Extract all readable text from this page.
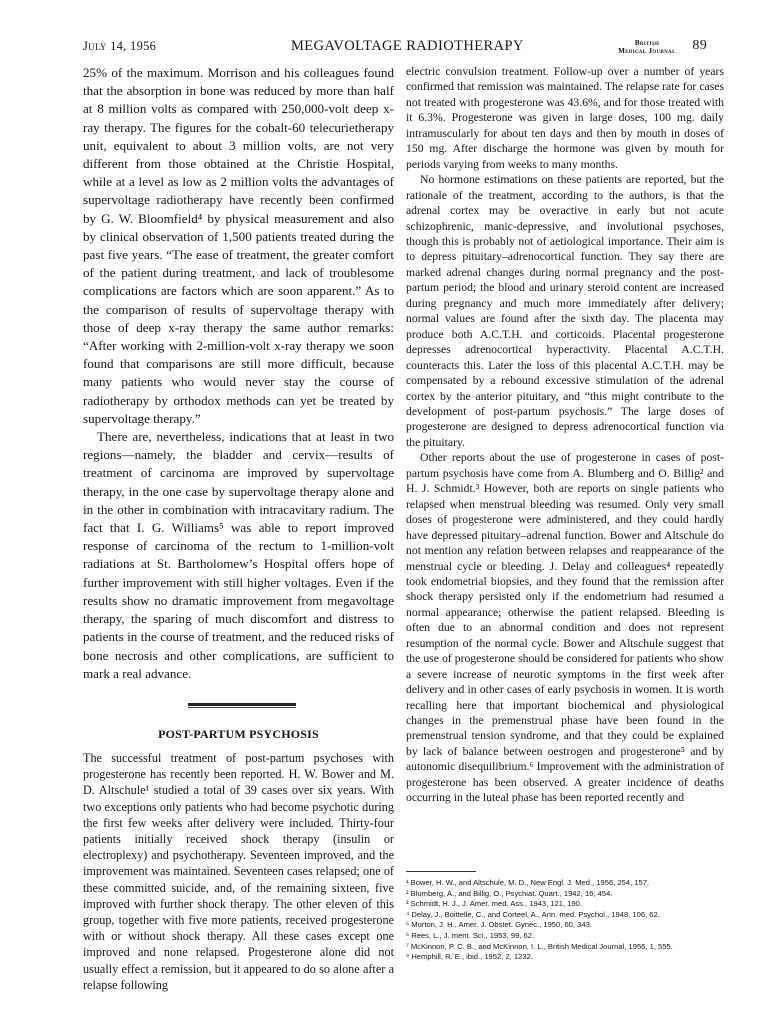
July 14, 1956	MEGAVOLTAGE RADIOTHERAPY	British
Medical Journal	89

25% of the maximum. Morrison and his colleagues found that the absorption in bone was reduced by more than half at 8 million volts as compared with 250,000-volt deep x-ray therapy. The figures for the cobalt-60 telecurietherapy unit, equivalent to about 3 million volts, are not very different from those obtained at the Christie Hospital, while at a level as low as 2 million volts the advantages of supervoltage radiotherapy have recently been confirmed by G. W. Bloomfield⁴ by physical measurement and also by clinical observation of 1,500 patients treated during the past five years. “The ease of treatment, the greater comfort of the patient during treatment, and lack of troublesome complications are factors which are soon apparent.” As to the comparison of results of supervoltage therapy with those of deep x-ray therapy the same author remarks: “After working with 2-million-volt x-ray therapy we soon found that comparisons are still more difficult, because many patients who would never stay the course of radiotherapy by orthodox methods can yet be treated by supervoltage therapy.”

There are, nevertheless, indications that at least in two regions—namely, the bladder and cervix—results of treatment of carcinoma are improved by supervoltage therapy, in the one case by supervoltage therapy alone and in the other in combination with intracavitary radium. The fact that I. G. Williams⁵ was able to report improved response of carcinoma of the rectum to 1-million-volt radiations at St. Bartholomew’s Hospital offers hope of further improvement with still higher voltages. Even if the results show no dramatic improvement from megavoltage therapy, the sparing of much discomfort and distress to patients in the course of treatment, and the reduced risks of bone necrosis and other complications, are sufficient to mark a real advance.

POST-PARTUM PSYCHOSIS

The successful treatment of post-partum psychoses with progesterone has recently been reported. H. W. Bower and M. D. Altschule¹ studied a total of 39 cases over six years. With two exceptions only patients who had become psychotic during the first few weeks after delivery were included. Thirty-four patients initially received shock therapy (insulin or electroplexy) and psychotherapy. Seventeen improved, and the improvement was maintained. Seventeen cases relapsed; one of these committed suicide, and, of the remaining sixteen, five improved with further shock therapy. The other eleven of this group, together with five more patients, received progesterone with or without shock therapy. All these cases except one improved and none relapsed. Progesterone alone did not usually effect a remission, but it appeared to do so alone after a relapse following

electric convulsion treatment. Follow-up over a number of years confirmed that remission was maintained. The relapse rate for cases not treated with progesterone was 43.6%, and for those treated with it 6.3%. Progesterone was given in large doses, 100 mg. daily intramuscularly for about ten days and then by mouth in doses of 150 mg. After discharge the hormone was given by mouth for periods varying from weeks to many months.

No hormone estimations on these patients are reported, but the rationale of the treatment, according to the authors, is that the adrenal cortex may be overactive in early but not acute schizophrenic, manic-depressive, and involutional psychoses, though this is probably not of aetiological importance. Their aim is to depress pituitary–adrenocortical function. They say there are marked adrenal changes during normal pregnancy and the post-partum period; the blood and urinary steroid content are increased during pregnancy and much more immediately after delivery; normal values are found after the sixth day. The placenta may produce both A.C.T.H. and corticoids. Placental progesterone depresses adrenocortical hyperactivity. Placental A.C.T.H. counteracts this. Later the loss of this placental A.C.T.H. may be compensated by a rebound excessive stimulation of the adrenal cortex by the anterior pituitary, and “this might contribute to the development of post-partum psychosis.” The large doses of progesterone are designed to depress adrenocortical function via the pituitary.

Other reports about the use of progesterone in cases of post-partum psychosis have come from A. Blumberg and O. Billig² and H. J. Schmidt.³ However, both are reports on single patients who relapsed when menstrual bleeding was resumed. Only very small doses of progesterone were administered, and they could hardly have depressed pituitary–adrenal function. Bower and Altschule do not mention any relation between relapses and reappearance of the menstrual cycle or bleeding. J. Delay and colleagues⁴ repeatedly took endometrial biopsies, and they found that the remission after shock therapy persisted only if the endometrium had resumed a normal appearance; otherwise the patient relapsed. Bleeding is often due to an abnormal condition and does not represent resumption of the normal cycle. Bower and Altschule suggest that the use of progesterone should be considered for patients who show a severe increase of neurotic symptoms in the first week after delivery and in other cases of early psychosis in women. It is worth recalling here that important biochemical and physiological changes in the premenstrual phase have been found in the premenstrual tension syndrome, and that they could be explained by lack of balance between oestrogen and progesterone⁵ and by autonomic disequilibrium.⁶ Improvement with the administration of progesterone has been observed. A greater incidence of deaths occurring in the luteal phase has been reported recently and

¹ Bower, H. W., and Altschule, M. D., New Engl. J. Med., 1956, 254, 157.
² Blumberg, A., and Billig, O., Psychiat. Quart., 1942, 16, 454.
³ Schmidt, H. J., J. Amer. med. Ass., 1943, 121, 190.
⁴ Delay, J., Boittelle, C., and Corteel, A., Ann. med. Psychol., 1948, 106, 62.
⁵ Morton, J. H., Amer. J. Obstet. Gynec., 1950, 60, 343.
⁶ Rees, L., J. ment. Sci., 1953, 99, 62.
⁷ McKinnon, P. C. B., and McKinnon, I. L., British Medical Journal, 1956, 1, 555.
⁸ Hemphill, R. E., ibid., 1952, 2, 1232.
